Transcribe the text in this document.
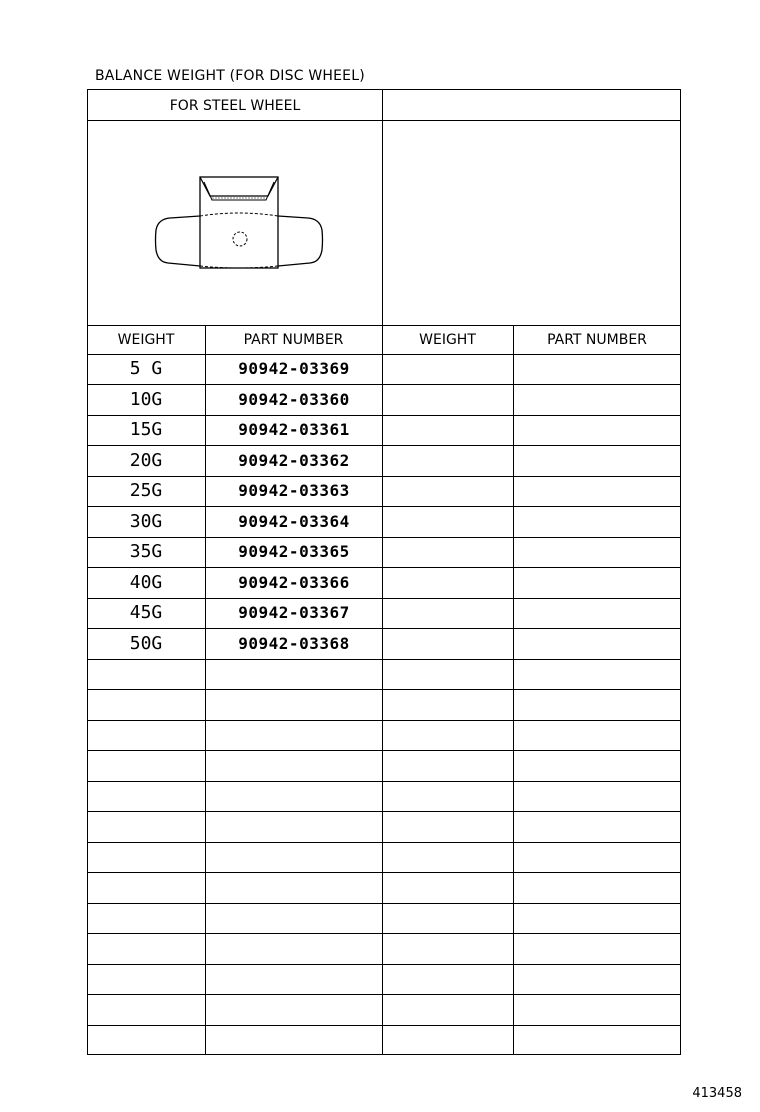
BALANCE WEIGHT (FOR DISC WHEEL)
FOR STEEL WHEEL
WEIGHT	PART NUMBER	WEIGHT	PART NUMBER
5 G	90942-03369
10G	90942-03360
15G	90942-03361
20G	90942-03362
25G	90942-03363
30G	90942-03364
35G	90942-03365
40G	90942-03366
45G	90942-03367
50G	90942-03368
413458
